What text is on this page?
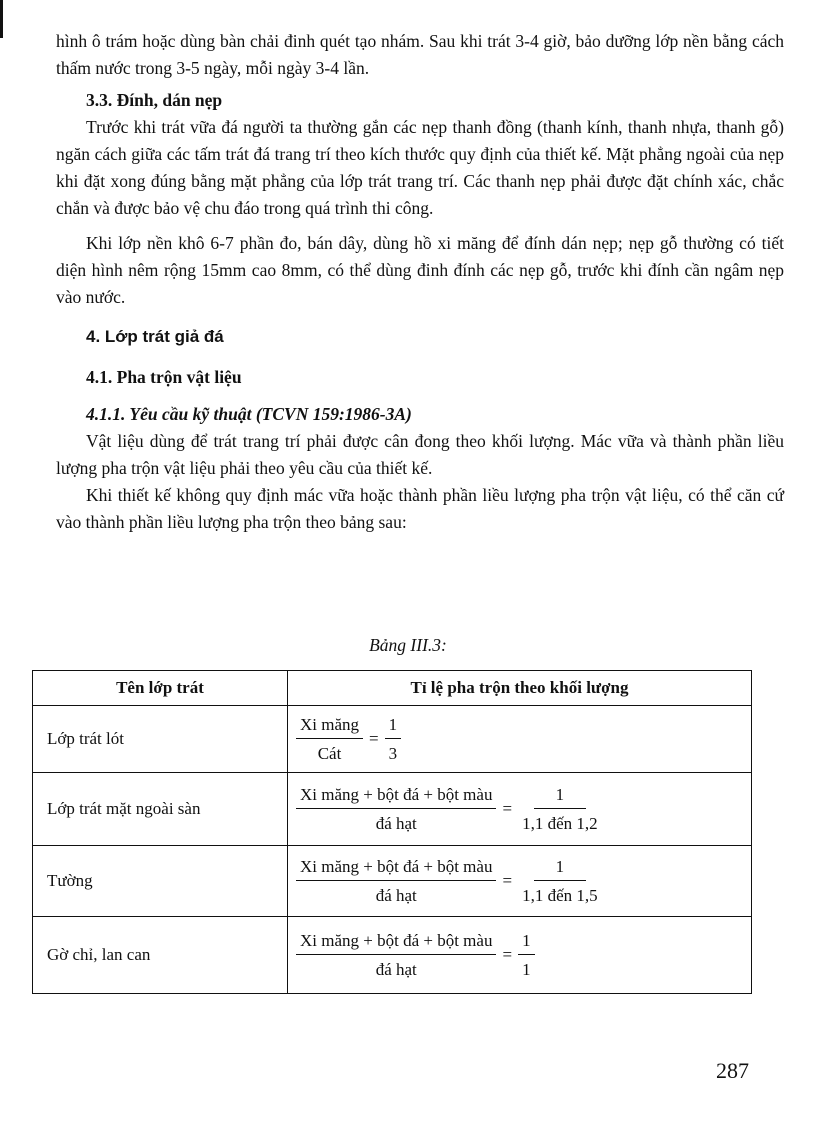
hình ô trám hoặc dùng bàn chải đinh quét tạo nhám. Sau khi trát 3-4 giờ, bảo dưỡng lớp nền bằng cách thấm nước trong 3-5 ngày, mỗi ngày 3-4 lần.

3.3. Đính, dán nẹp

Trước khi trát vữa đá người ta thường gắn các nẹp thanh đồng (thanh kính, thanh nhựa, thanh gỗ) ngăn cách giữa các tấm trát đá trang trí theo kích thước quy định của thiết kế. Mặt phẳng ngoài của nẹp khi đặt xong đúng bằng mặt phẳng của lớp trát trang trí. Các thanh nẹp phải được đặt chính xác, chắc chắn và được bảo vệ chu đáo trong quá trình thi công.

Khi lớp nền khô 6-7 phần đo, bán dây, dùng hồ xi măng để đính dán nẹp; nẹp gỗ thường có tiết diện hình nêm rộng 15mm cao 8mm, có thể dùng đinh đính các nẹp gỗ, trước khi đính cần ngâm nẹp vào nước.

4. Lớp trát giả đá
4.1. Pha trộn vật liệu
4.1.1. Yêu cầu kỹ thuật (TCVN 159:1986-3A)

Vật liệu dùng để trát trang trí phải được cân đong theo khối lượng. Mác vữa và thành phần liều lượng pha trộn vật liệu phải theo yêu cầu của thiết kế.

Khi thiết kế không quy định mác vữa hoặc thành phần liều lượng pha trộn vật liệu, có thể căn cứ vào thành phần liều lượng pha trộn theo bảng sau:

Bảng III.3:
Tên lớp trát	Tỉ lệ pha trộn theo khối lượng
Lớp trát lót	$\frac{\text{Xi măng}}{\text{Cát}} = \frac{1}{3}$

Lớp trát mặt ngoài sàn	$\frac{\text{Xi măng + bột đá + bột màu}}{\text{đá hạt}} = \frac{1}{\text{1,1 đến 1,2}}$

Tường	$\frac{\text{Xi măng + bột đá + bột màu}}{\text{đá hạt}} = \frac{1}{\text{1,1 đến 1,5}}$

Gờ chỉ, lan can	$\frac{\text{Xi măng + bột đá + bột màu}}{\text{đá hạt}} = \frac{1}{1}$
287
